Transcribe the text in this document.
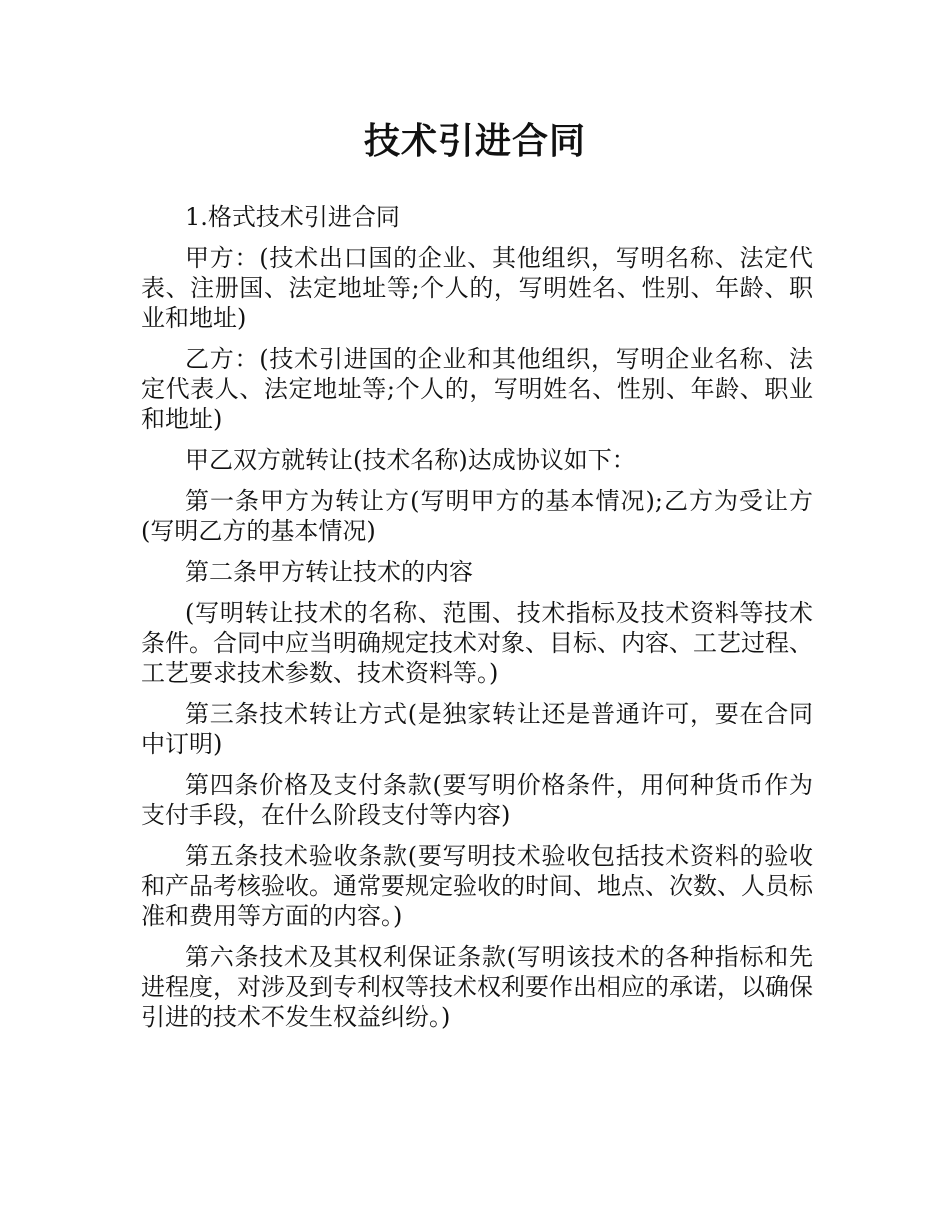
技术引进合同

1.格式技术引进合同

甲方：(技术出口国的企业、其他组织，写明名称、法定代表、注册国、法定地址等;个人的，写明姓名、性别、年龄、职业和地址)

乙方：(技术引进国的企业和其他组织，写明企业名称、法定代表人、法定地址等;个人的，写明姓名、性别、年龄、职业和地址)

甲乙双方就转让(技术名称)达成协议如下：

第一条甲方为转让方(写明甲方的基本情况);乙方为受让方(写明乙方的基本情况)

第二条甲方转让技术的内容

(写明转让技术的名称、范围、技术指标及技术资料等技术条件。合同中应当明确规定技术对象、目标、内容、工艺过程、工艺要求技术参数、技术资料等。)

第三条技术转让方式(是独家转让还是普通许可，要在合同中订明)

第四条价格及支付条款(要写明价格条件，用何种货币作为支付手段，在什么阶段支付等内容)

第五条技术验收条款(要写明技术验收包括技术资料的验收和产品考核验收。通常要规定验收的时间、地点、次数、人员标准和费用等方面的内容。)

第六条技术及其权利保证条款(写明该技术的各种指标和先进程度，对涉及到专利权等技术权利要作出相应的承诺，以确保引进的技术不发生权益纠纷。)
